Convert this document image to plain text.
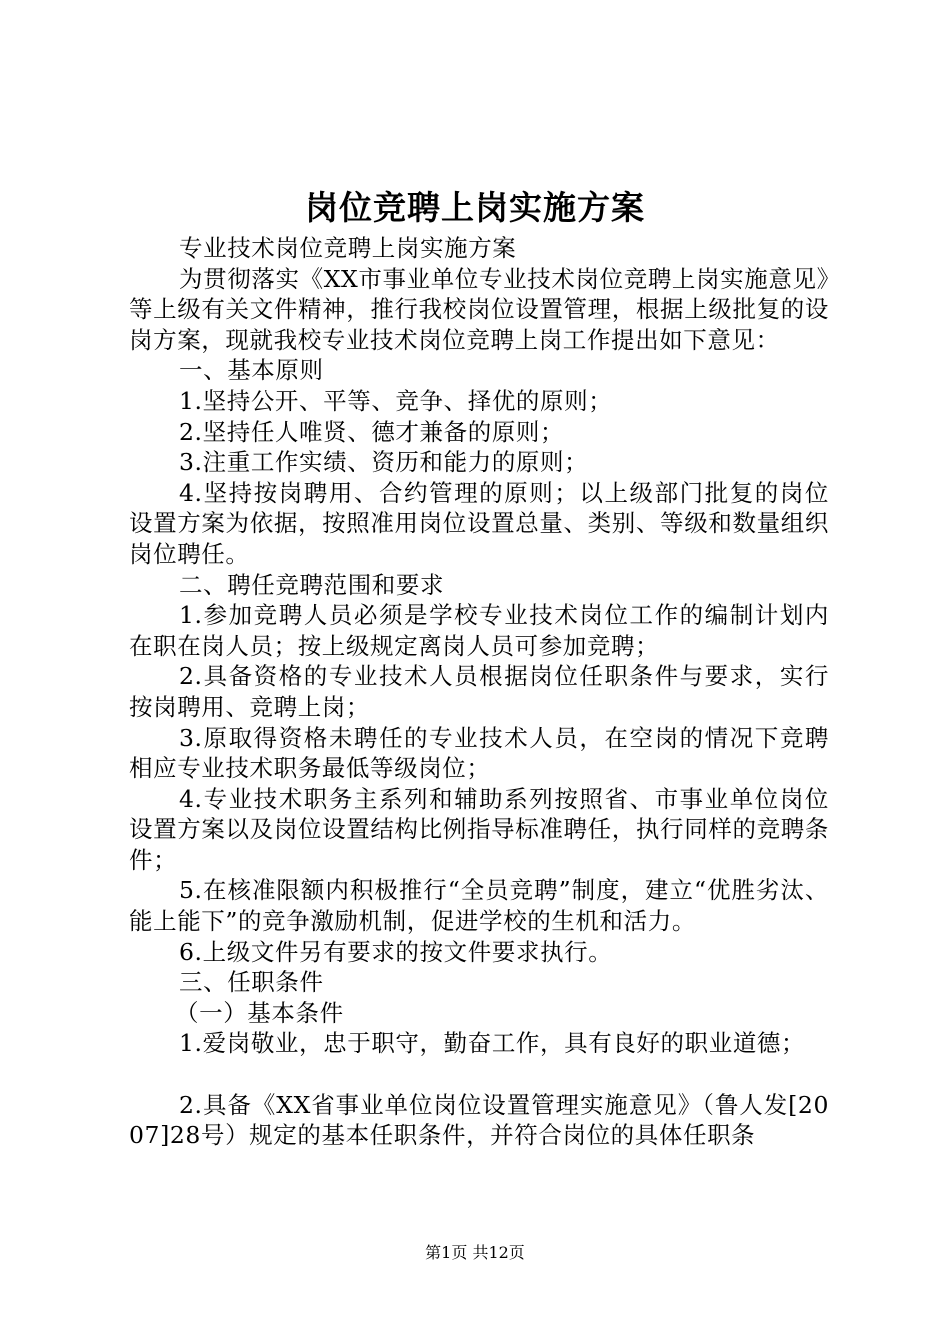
岗位竞聘上岗实施方案

专业技术岗位竞聘上岗实施方案

为贯彻落实《XX市事业单位专业技术岗位竞聘上岗实施意见》等上级有关文件精神，推行我校岗位设置管理，根据上级批复的设岗方案，现就我校专业技术岗位竞聘上岗工作提出如下意见：

一、基本原则

1.坚持公开、平等、竞争、择优的原则；

2.坚持任人唯贤、德才兼备的原则；

3.注重工作实绩、资历和能力的原则；

4.坚持按岗聘用、合约管理的原则；以上级部门批复的岗位设置方案为依据，按照准用岗位设置总量、类别、等级和数量组织岗位聘任。

二、聘任竞聘范围和要求

1.参加竞聘人员必须是学校专业技术岗位工作的编制计划内在职在岗人员；按上级规定离岗人员可参加竞聘；

2.具备资格的专业技术人员根据岗位任职条件与要求，实行按岗聘用、竞聘上岗；

3.原取得资格未聘任的专业技术人员，在空岗的情况下竞聘相应专业技术职务最低等级岗位；

4.专业技术职务主系列和辅助系列按照省、市事业单位岗位设置方案以及岗位设置结构比例指导标准聘任，执行同样的竞聘条件；

5.在核准限额内积极推行“全员竞聘”制度，建立“优胜劣汰、能上能下”的竞争激励机制，促进学校的生机和活力。

6.上级文件另有要求的按文件要求执行。

三、任职条件

（一）基本条件

1.爱岗敬业，忠于职守，勤奋工作，具有良好的职业道德；

2.具备《XX省事业单位岗位设置管理实施意见》（鲁人发[2007]28号）规定的基本任职条件，并符合岗位的具体任职条

第1页 共12页
